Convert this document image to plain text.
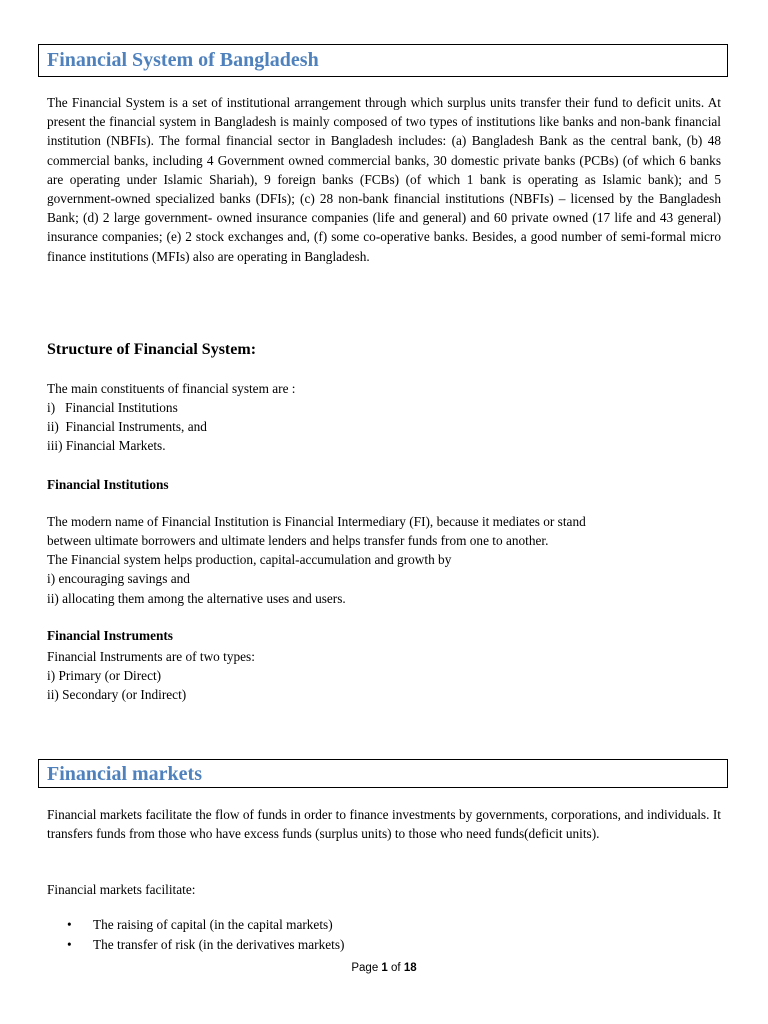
Financial System of Bangladesh

The Financial System is a set of institutional arrangement through which surplus units transfer their fund to deficit units. At present the financial system in Bangladesh is mainly composed of two types of institutions like banks and non-bank financial institution (NBFIs). The formal financial sector in Bangladesh includes: (a) Bangladesh Bank as the central bank, (b) 48 commercial banks, including 4 Government owned commercial banks, 30 domestic private banks (PCBs) (of which 6 banks are operating under Islamic Shariah), 9 foreign banks (FCBs) (of which 1 bank is operating as Islamic bank); and 5 government-owned specialized banks (DFIs); (c) 28 non-bank financial institutions (NBFIs) – licensed by the Bangladesh Bank; (d) 2 large government- owned insurance companies (life and general) and 60 private owned (17 life and 43 general) insurance companies; (e) 2 stock exchanges and, (f) some co-operative banks. Besides, a good number of semi-formal micro finance institutions (MFIs) also are operating in Bangladesh.

Structure of Financial System:

The main constituents of financial system are :

i)   Financial Institutions

ii)  Financial Instruments, and

iii) Financial Markets.

Financial Institutions

The modern name of Financial Institution is Financial Intermediary (FI), because it mediates or stand

between ultimate borrowers and ultimate lenders and helps transfer funds from one to another.

The Financial system helps production, capital-accumulation and growth by

i) encouraging savings and

ii) allocating them among the alternative uses and users.

Financial Instruments

Financial Instruments are of two types:

i) Primary (or Direct)

ii) Secondary (or Indirect)

Financial markets

Financial markets facilitate the flow of funds in order to finance investments by governments, corporations, and individuals. It transfers funds from those who have excess funds (surplus units) to those who need funds(deficit units).

Financial markets facilitate:

• The raising of capital (in the capital markets)
• The transfer of risk (in the derivatives markets)
Page 1 of 18
